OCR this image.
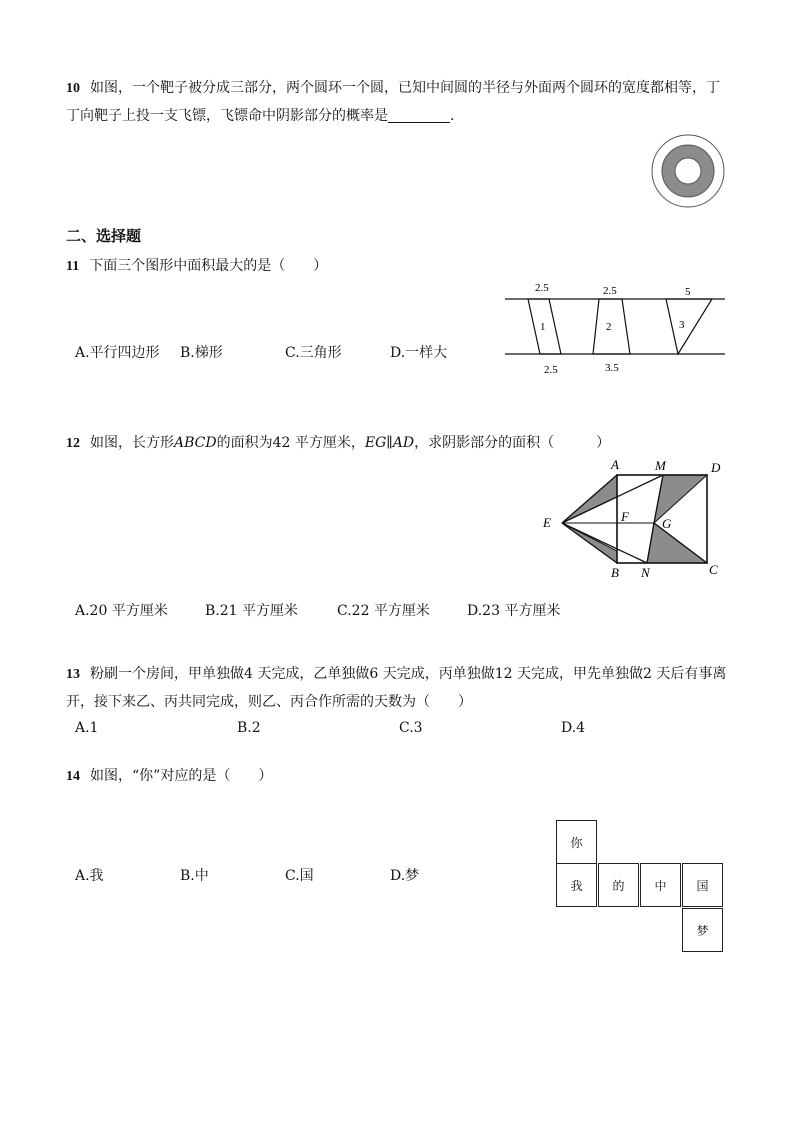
10 如图，一个靶子被分成三部分，两个圆环一个圆，已知中间圆的半径与外面两个圆环的宽度都相等，丁
丁向靶子上投一支飞镖，飞镖命中阴影部分的概率是	.
二、选择题
11 下面三个图形中面积最大的是（　　）
A.平行四边形 B.梯形	C.三角形	D.一样大
2.5	2.5	5
1	2	3
2.5	3.5
12 如图，长方形ABCD的面积为42 平方厘米，EG∥AD，求阴影部分的面积（　　　）
A	M	D
E	F	G
B N	C
A.20 平方厘米	B.21 平方厘米	C.22 平方厘米	D.23 平方厘米
13 粉刷一个房间，甲单独做4 天完成，乙单独做6 天完成，丙单独做12 天完成，甲先单独做2 天后有事离
开，接下来乙、丙共同完成，则乙、丙合作所需的天数为（　　）
A.1	B.2	C.3	D.4
14 如图，“你”对应的是（　　）
A.我	B.中	C.国	D.梦
你
我	的	中	国
梦
